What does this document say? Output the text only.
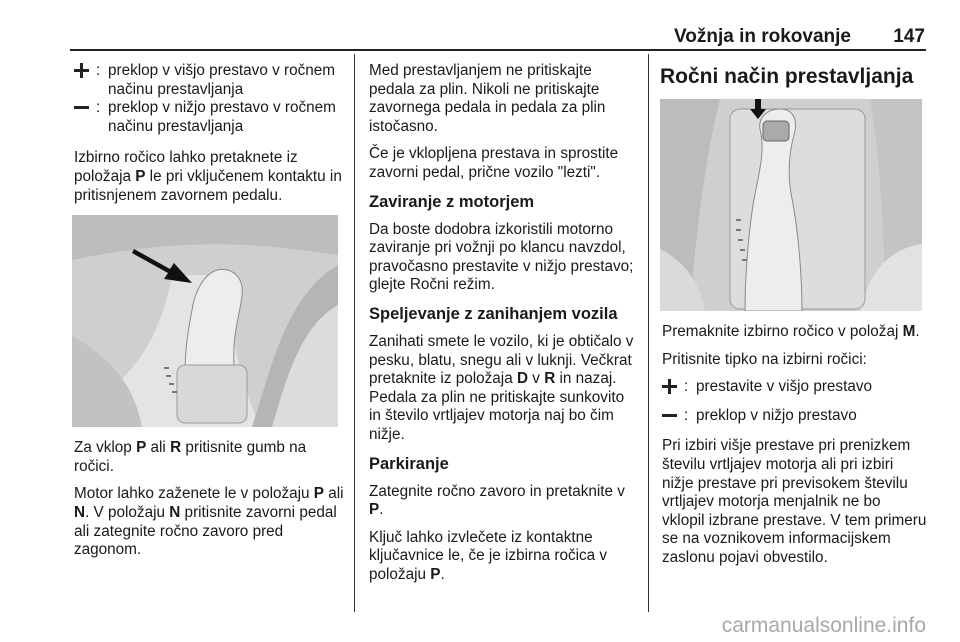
Vožnja in rokovanje 147
: preklop v višjo prestavo v ročnem načinu prestavljanja
: preklop v nižjo prestavo v ročnem načinu prestavljanja

Izbirno ročico lahko pretaknete iz položaja P le pri vključenem kontaktu in pritisnjenem zavornem pedalu.

Za vklop P ali R pritisnite gumb na ročici.

Motor lahko zaženete le v položaju P ali N. V položaju N pritisnite zavorni pedal ali zategnite ročno zavoro pred zagonom.

Med prestavljanjem ne pritiskajte pedala za plin. Nikoli ne pritiskajte zavornega pedala in pedala za plin istočasno.

Če je vklopljena prestava in sprostite zavorni pedal, prične vozilo "lezti".

Zaviranje z motorjem

Da boste dodobra izkoristili motorno zaviranje pri vožnji po klancu navzdol, pravočasno prestavite v nižjo prestavo; glejte Ročni režim.

Speljevanje z zanihanjem vozila

Zanihati smete le vozilo, ki je obtičalo v pesku, blatu, snegu ali v luknji. Večkrat pretaknite iz položaja D v R in nazaj. Pedala za plin ne pritiskajte sunkovito in število vrtljajev motorja naj bo čim nižje.

Parkiranje

Zategnite ročno zavoro in pretaknite v P.

Ključ lahko izvlečete iz kontaktne ključavnice le, če je izbirna ročica v položaju P.

Ročni način prestavljanja

Premaknite izbirno ročico v položaj M.

Pritisnite tipko na izbirni ročici:

: prestavite v višjo prestavo
: preklop v nižjo prestavo

Pri izbiri višje prestave pri prenizkem številu vrtljajev motorja ali pri izbiri nižje prestave pri previsokem številu vrtljajev motorja menjalnik ne bo vklopil izbrane prestave. V tem primeru se na voznikovem informacijskem zaslonu pojavi obvestilo.

carmanualsonline.info
